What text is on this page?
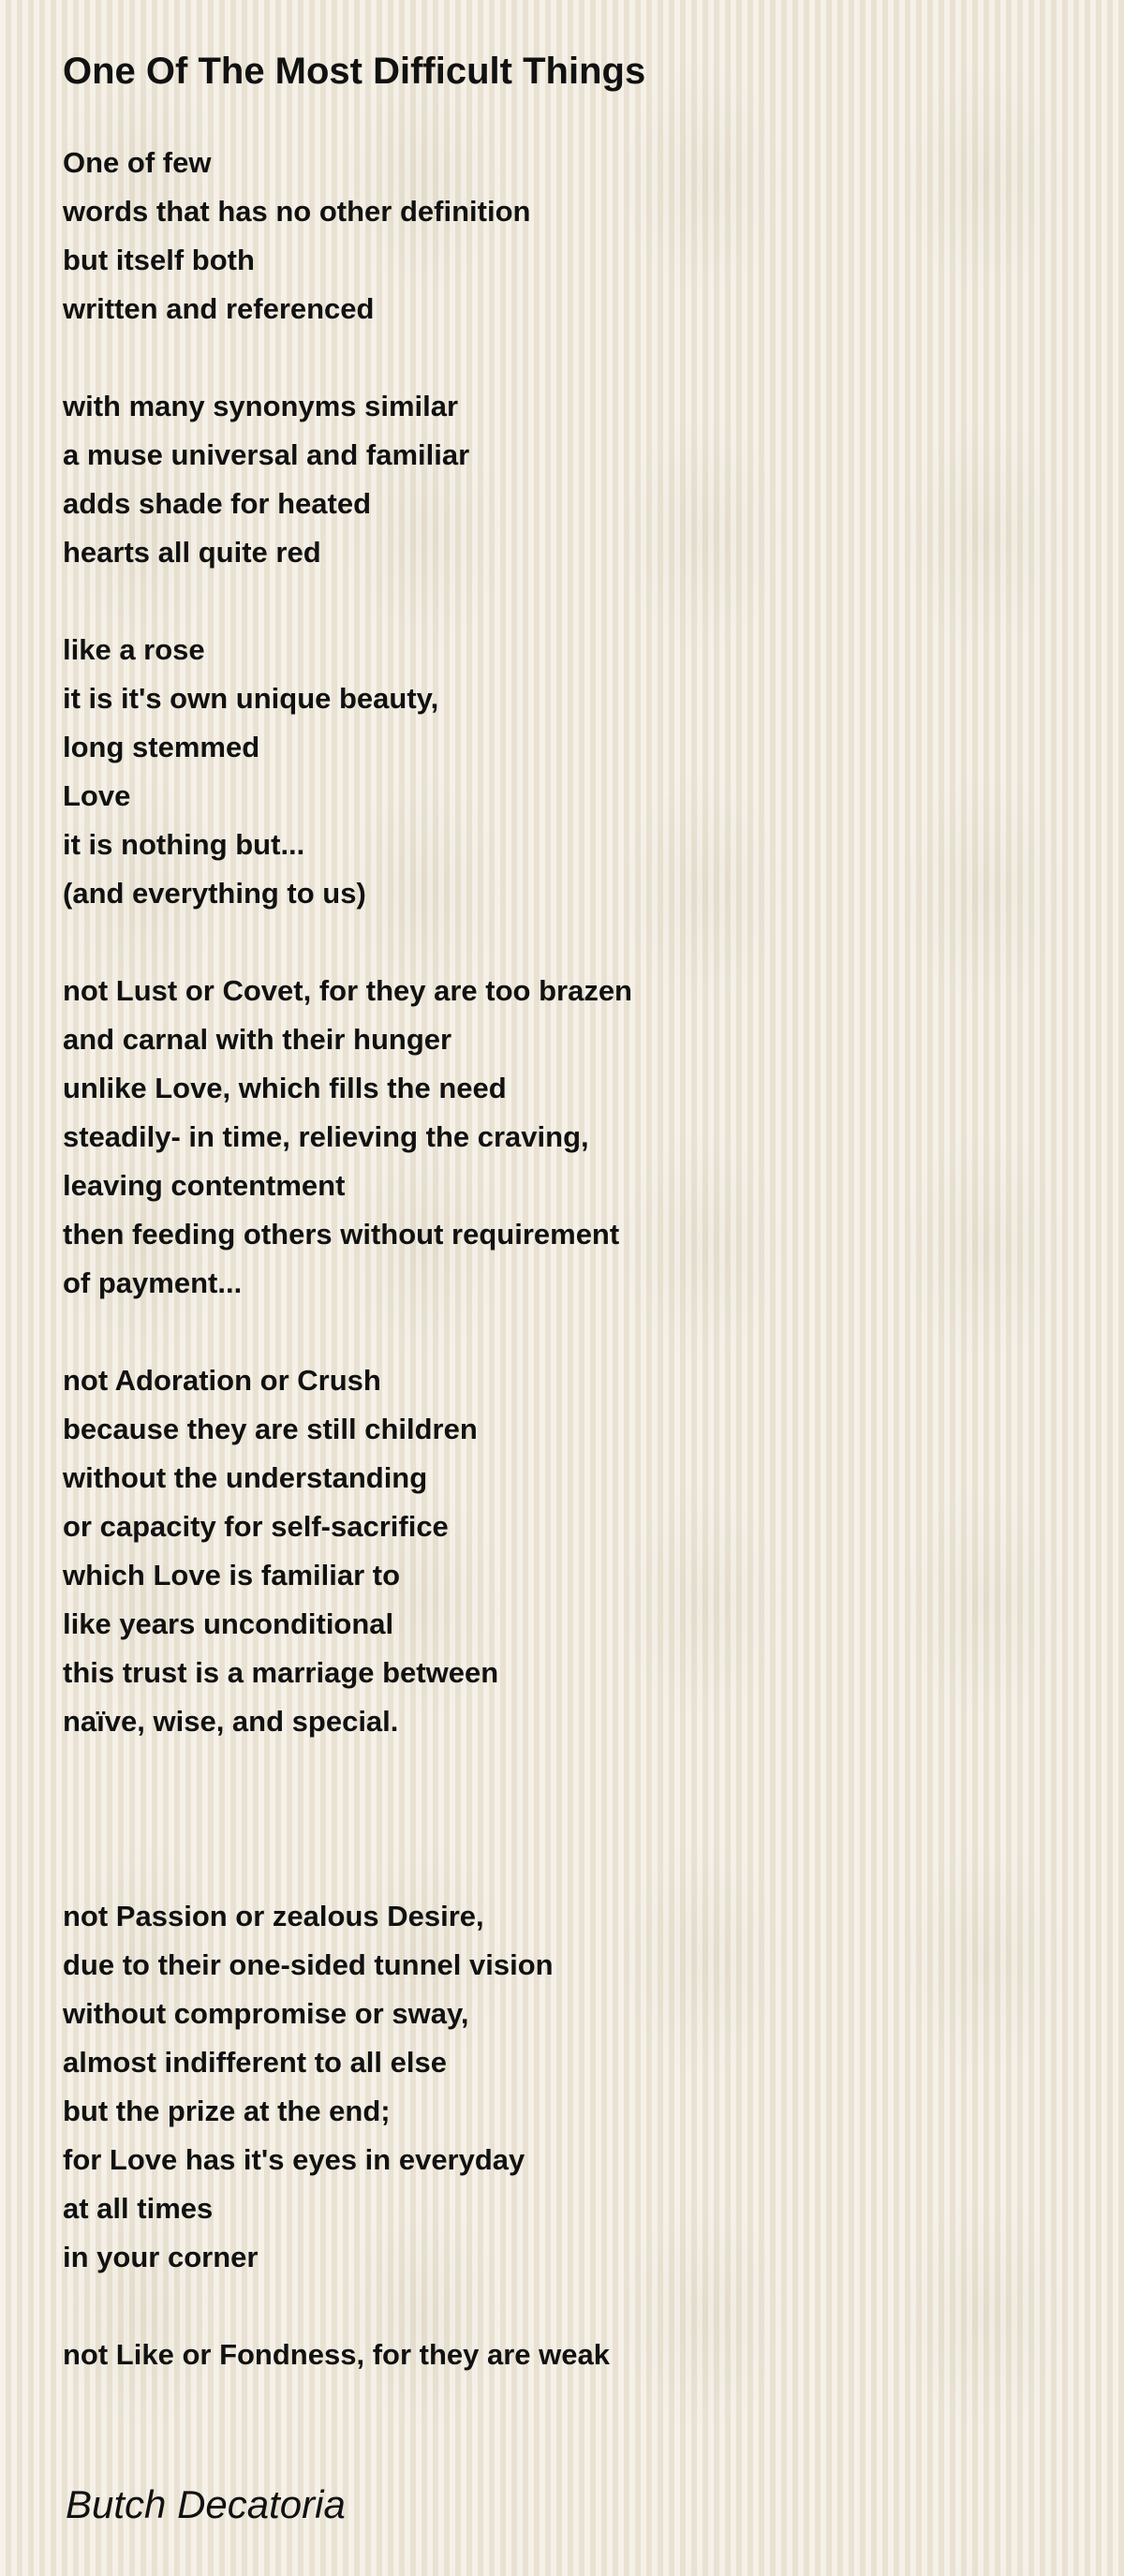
One Of The Most Difficult Things
One of few
words that has no other definition
but itself both
written and referenced
with many synonyms similar
a muse universal and familiar
adds shade for heated
hearts all quite red
like a rose
it is it's own unique beauty,
long stemmed
Love
it is nothing but...
(and everything to us)
not Lust or Covet, for they are too brazen
and carnal with their hunger
unlike Love, which fills the need
steadily- in time, relieving the craving,
leaving contentment
then feeding others without requirement
of payment...
not Adoration or Crush
because they are still children
without the understanding
or capacity for self-sacrifice
which Love is familiar to
like years unconditional
this trust is a marriage between
naïve, wise, and special.
not Passion or zealous Desire,
due to their one-sided tunnel vision
without compromise or sway,
almost indifferent to all else
but the prize at the end;
for Love has it's eyes in everyday
at all times
in your corner
not Like or Fondness, for they are weak

Butch Decatoria
